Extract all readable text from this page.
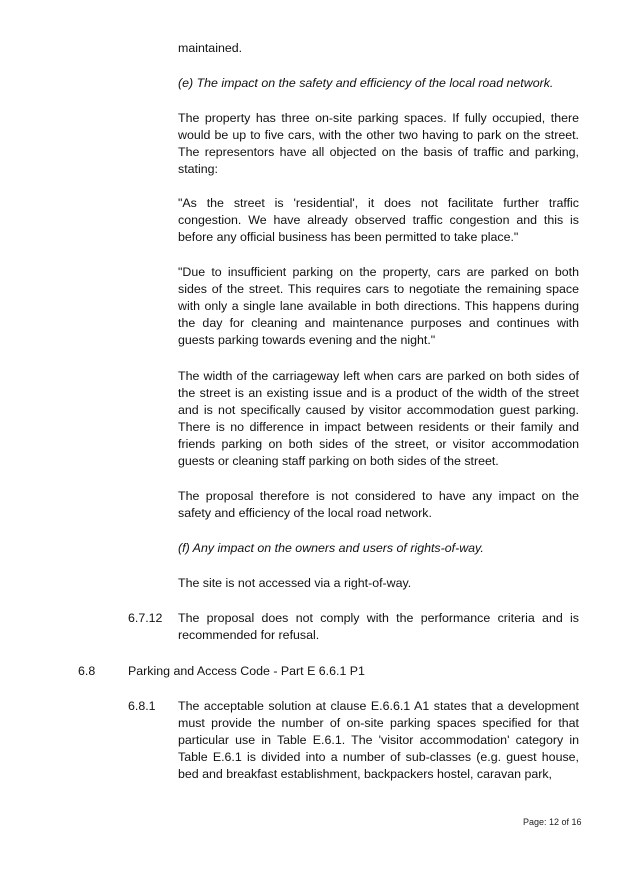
maintained.

(e) The impact on the safety and efficiency of the local road network.

The property has three on-site parking spaces. If fully occupied, there would be up to five cars, with the other two having to park on the street. The representors have all objected on the basis of traffic and parking, stating:

"As the street is 'residential', it does not facilitate further traffic congestion. We have already observed traffic congestion and this is before any official business has been permitted to take place."

"Due to insufficient parking on the property, cars are parked on both sides of the street. This requires cars to negotiate the remaining space with only a single lane available in both directions. This happens during the day for cleaning and maintenance purposes and continues with guests parking towards evening and the night."

The width of the carriageway left when cars are parked on both sides of the street is an existing issue and is a product of the width of the street and is not specifically caused by visitor accommodation guest parking. There is no difference in impact between residents or their family and friends parking on both sides of the street, or visitor accommodation guests or cleaning staff parking on both sides of the street.

The proposal therefore is not considered to have any impact on the safety and efficiency of the local road network.

(f) Any impact on the owners and users of rights-of-way.

The site is not accessed via a right-of-way.

6.7.12 The proposal does not comply with the performance criteria and is recommended for refusal.

6.8	Parking and Access Code - Part E 6.6.1 P1
6.8.1 The acceptable solution at clause E.6.6.1 A1 states that a development must provide the number of on-site parking spaces specified for that particular use in Table E.6.1. The 'visitor accommodation' category in Table E.6.1 is divided into a number of sub-classes (e.g. guest house, bed and breakfast establishment, backpackers hostel, caravan park,

Page: 12 of 16
